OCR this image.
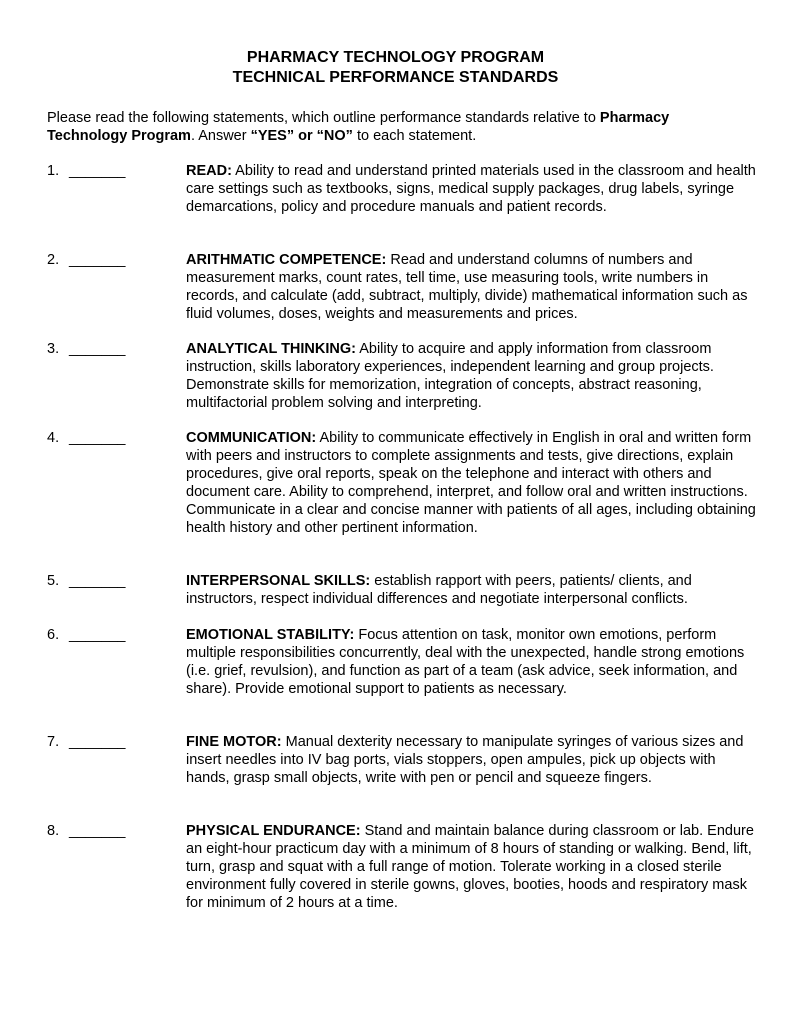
PHARMACY TECHNOLOGY PROGRAM
TECHNICAL PERFORMANCE STANDARDS
Please read the following statements, which outline performance standards relative to Pharmacy Technology Program. Answer “YES” or “NO” to each statement.
1. _______	READ: Ability to read and understand printed materials used in the classroom and health care settings such as textbooks, signs, medical supply packages, drug labels, syringe demarcations, policy and procedure manuals and patient records.
2. _______	ARITHMATIC COMPETENCE: Read and understand columns of numbers and measurement marks, count rates, tell time, use measuring tools, write numbers in records, and calculate (add, subtract, multiply, divide) mathematical information such as fluid volumes, doses, weights and measurements and prices.
3. _______	ANALYTICAL THINKING: Ability to acquire and apply information from classroom instruction, skills laboratory experiences, independent learning and group projects. Demonstrate skills for memorization, integration of concepts, abstract reasoning, multifactorial problem solving and interpreting.
4. _______	COMMUNICATION: Ability to communicate effectively in English in oral and written form with peers and instructors to complete assignments and tests, give directions, explain procedures, give oral reports, speak on the telephone and interact with others and document care. Ability to comprehend, interpret, and follow oral and written instructions. Communicate in a clear and concise manner with patients of all ages, including obtaining health history and other pertinent information.
5. _______	INTERPERSONAL SKILLS: establish rapport with peers, patients/ clients, and instructors, respect individual differences and negotiate interpersonal conflicts.
6. _______	EMOTIONAL STABILITY: Focus attention on task, monitor own emotions, perform multiple responsibilities concurrently, deal with the unexpected, handle strong emotions (i.e. grief, revulsion), and function as part of a team (ask advice, seek information, and share). Provide emotional support to patients as necessary.
7. _______	FINE MOTOR: Manual dexterity necessary to manipulate syringes of various sizes and insert needles into IV bag ports, vials stoppers, open ampules, pick up objects with hands, grasp small objects, write with pen or pencil and squeeze fingers.
8. _______	PHYSICAL ENDURANCE: Stand and maintain balance during classroom or lab. Endure an eight-hour practicum day with a minimum of 8 hours of standing or walking. Bend, lift, turn, grasp and squat with a full range of motion. Tolerate working in a closed sterile environment fully covered in sterile gowns, gloves, booties, hoods and respiratory mask for minimum of 2 hours at a time.
